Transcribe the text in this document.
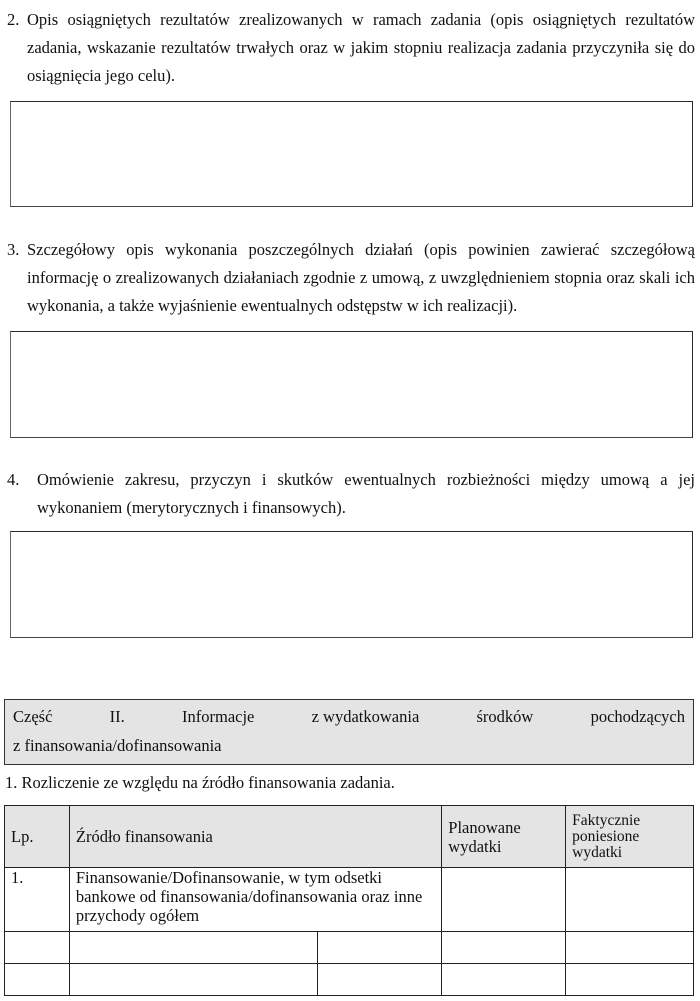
2. Opis osiągniętych rezultatów zrealizowanych w ramach zadania (opis osiągniętych rezultatów zadania, wskazanie rezultatów trwałych oraz w jakim stopniu realizacja zadania przyczyniła się do osiągnięcia jego celu).
3. Szczegółowy opis wykonania poszczególnych działań (opis powinien zawierać szczegółową informację o zrealizowanych działaniach zgodnie z umową, z uwzględnieniem stopnia oraz skali ich wykonania, a także wyjaśnienie ewentualnych odstępstw w ich realizacji).
4.	Omówienie zakresu, przyczyn i skutków ewentualnych rozbieżności między umową a jej wykonaniem (merytorycznych i finansowych).
Część	II.	Informacje	z wydatkowania	środków	pochodzących
z finansowania/dofinansowania
1. Rozliczenie ze względu na źródło finansowania zadania.
Lp.	Źródło finansowania		Planowane wydatki	Faktycznie poniesione wydatki
1.	Finansowanie/Dofinansowanie, w tym odsetki bankowe od finansowania/dofinansowania oraz inne przychody ogółem			
